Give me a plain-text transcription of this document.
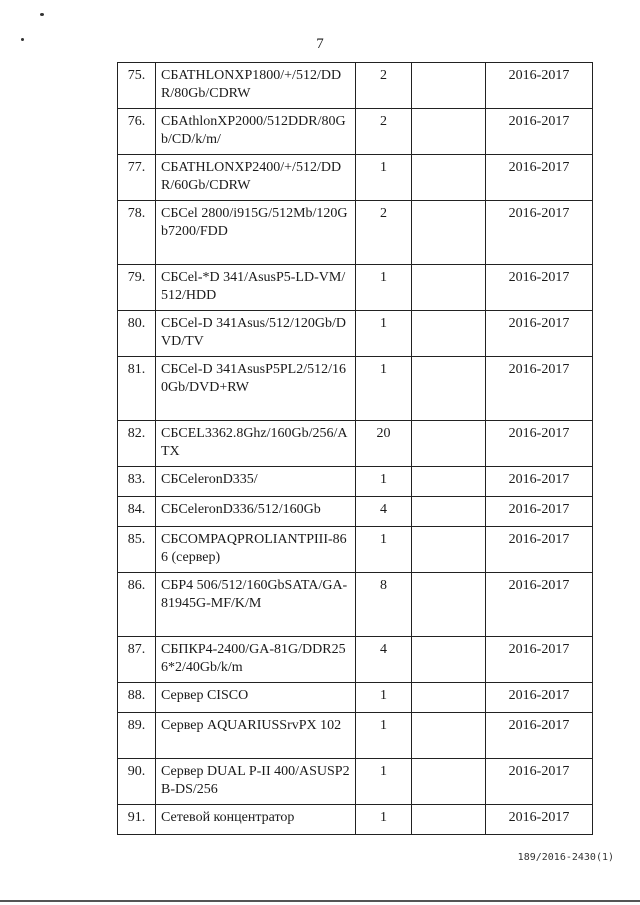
7
75.	СБATHLONXP1800/+/512/DDR/80Gb/CDRW	2		2016-2017
76.	СБAthlonXP2000/512DDR/80Gb/CD/k/m/	2		2016-2017
77.	СБATHLONXP2400/+/512/DDR/60Gb/CDRW	1		2016-2017
78.	СБCel 2800/i915G/512Mb/120Gb7200/FDD	2		2016-2017
79.	СБCel-*D 341/AsusP5-LD-VM/512/HDD	1		2016-2017
80.	СБCel-D 341Asus/512/120Gb/DVD/TV	1		2016-2017
81.	СБCel-D 341AsusP5PL2/512/160Gb/DVD+RW	1		2016-2017
82.	СБCEL3362.8Ghz/160Gb/256/ATX	20		2016-2017
83.	СБCeleronD335/	1		2016-2017
84.	СБCeleronD336/512/160Gb	4		2016-2017
85.	СБCOMPAQPROLIANTPIII-866 (сервер)	1		2016-2017
86.	СБP4 506/512/160GbSATA/GA-81945G-MF/K/M	8		2016-2017
87.	СБПКP4-2400/GA-81G/DDR256*2/40Gb/k/m	4		2016-2017
88.	Сервер CISCO	1		2016-2017
89.	Сервер AQUARIUSSrvPX 102	1		2016-2017
90.	Сервер DUAL P-II 400/ASUSP2B-DS/256	1		2016-2017
91.	Сетевой концентратор	1		2016-2017
189/2016-2430(1)
